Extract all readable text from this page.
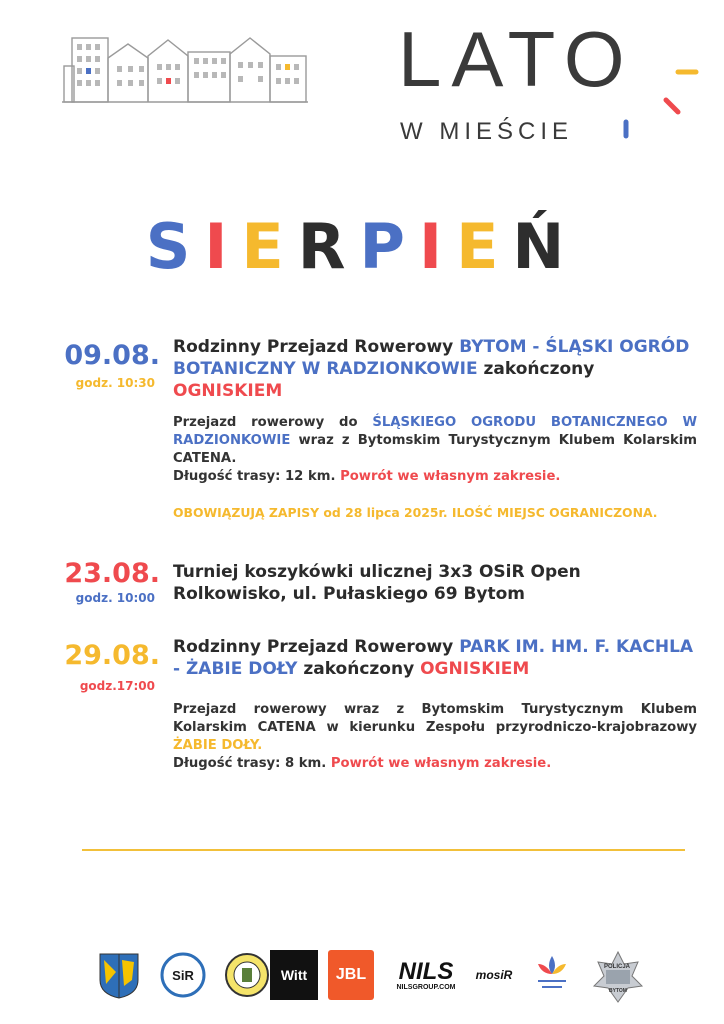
LATO
W MIEŚCIE
SIERPIEŃ
09.08.
godz. 10:30
Rodzinny Przejazd Rowerowy BYTOM - ŚLĄSKI OGRÓD BOTANICZNY W RADZIONKOWIE zakończony OGNISKIEM
Przejazd rowerowy do ŚLĄSKIEGO OGRODU BOTANICZNEGO W RADZIONKOWIE wraz z Bytomskim Turystycznym Klubem Kolarskim CATENA.
Długość trasy: 12 km. Powrót we własnym zakresie.
OBOWIĄZUJĄ ZAPISY od 28 lipca 2025r. ILOŚĆ MIEJSC OGRANICZONA.
23.08.
godz. 10:00
Turniej koszykówki ulicznej 3x3 OSiR Open
Rolkowisko, ul. Pułaskiego 69 Bytom
29.08.
godz.17:00
Rodzinny Przejazd Rowerowy PARK IM. HM. F. KACHLA - ŻABIE DOŁY zakończony OGNISKIEM
Przejazd rowerowy wraz z Bytomskim Turystycznym Klubem Kolarskim CATENA w kierunku Zespołu przyrodniczo-krajobrazowy ŻABIE DOŁY.
Długość trasy: 8 km. Powrót we własnym zakresie.
SiR	Witt JBL NILS
NILSGROUP.COM
mosiR
POLICJA
BYTOM
